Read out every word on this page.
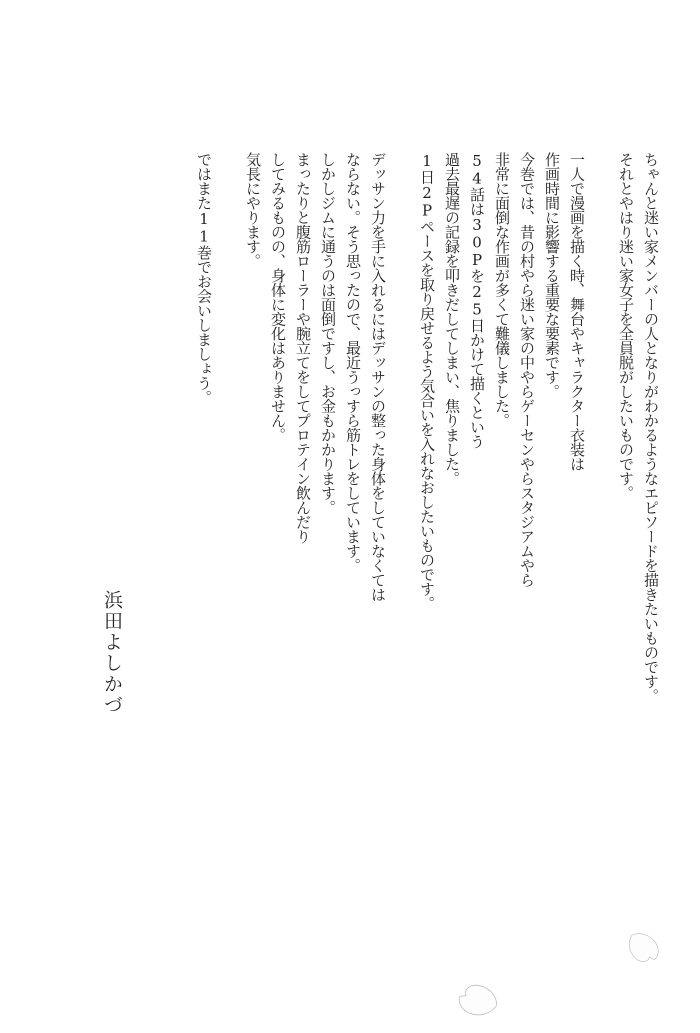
ちゃんと迷い家メンバーの人となりがわかるようなエピソードを描きたいものです。
それとやはり迷い家女子を全員脱がしたいものです。
一人で漫画を描く時、舞台やキャラクター衣装は
作画時間に影響する重要な要素です。
今巻では、昔の村やら迷い家の中やらゲーセンやらスタジアムやら
非常に面倒な作画が多くて難儀しました。
54話は30Pを25日かけて描くという
過去最遅の記録を叩きだしてしまい、焦りました。
1日2Pペースを取り戻せるよう気合いを入れなおしたいものです。
デッサン力を手に入れるにはデッサンの整った身体をしていなくては
ならない。そう思ったので、最近うっすら筋トレをしています。
しかしジムに通うのは面倒ですし、お金もかかります。
まったりと腹筋ローラーや腕立てをしてプロテイン飲んだり
してみるものの、身体に変化はありません。
気長にやります。
ではまた11巻でお会いしましょう。
浜田よしかづ
